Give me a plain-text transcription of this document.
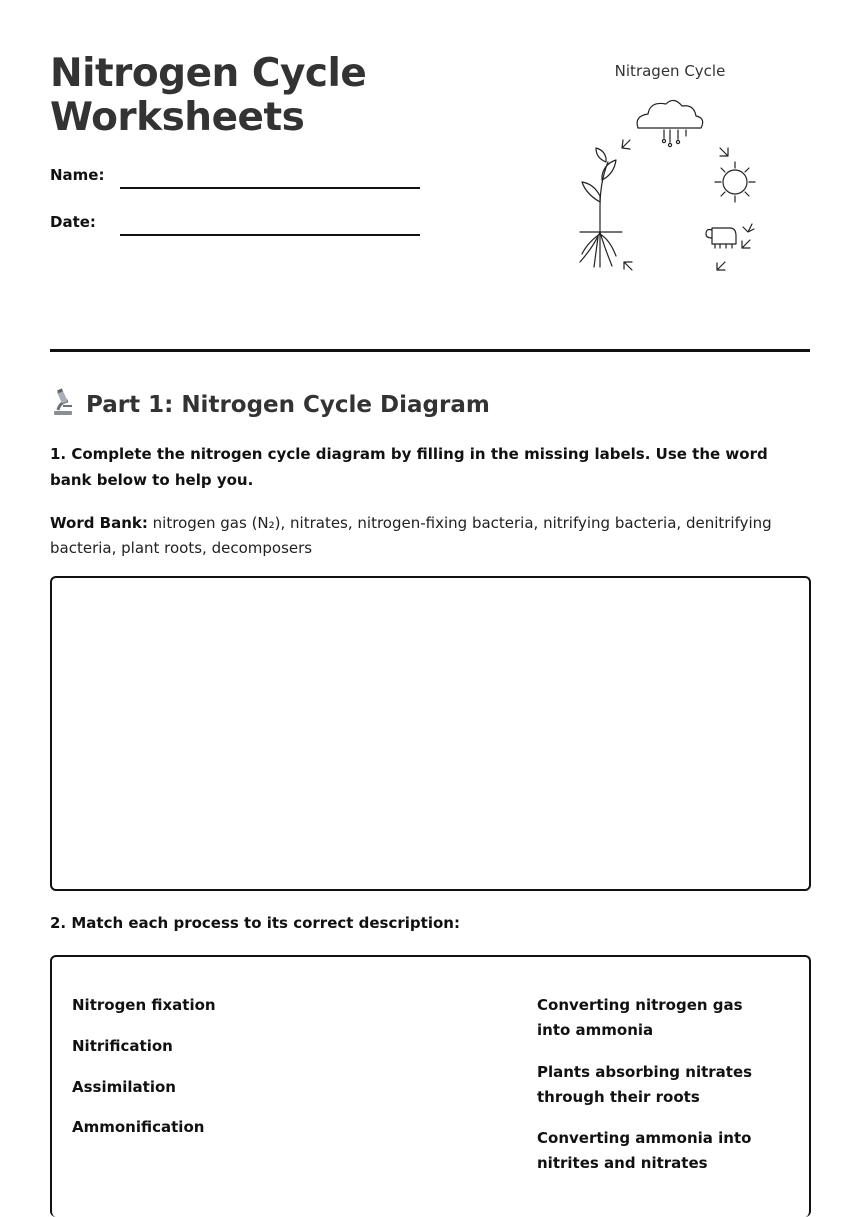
Nitrogen Cycle Worksheets
Name:
Date:
Nitragen Cycle
Part 1: Nitrogen Cycle Diagram

1. Complete the nitrogen cycle diagram by filling in the missing labels. Use the word bank below to help you.

Word Bank: nitrogen gas (N₂), nitrates, nitrogen-fixing bacteria, nitrifying bacteria, denitrifying bacteria, plant roots, decomposers

2. Match each process to its correct description:

Nitrogen fixation
Nitrification
Assimilation
Ammonification
Converting nitrogen gas into ammonia
Plants absorbing nitrates through their roots
Converting ammonia into nitrites and nitrates
